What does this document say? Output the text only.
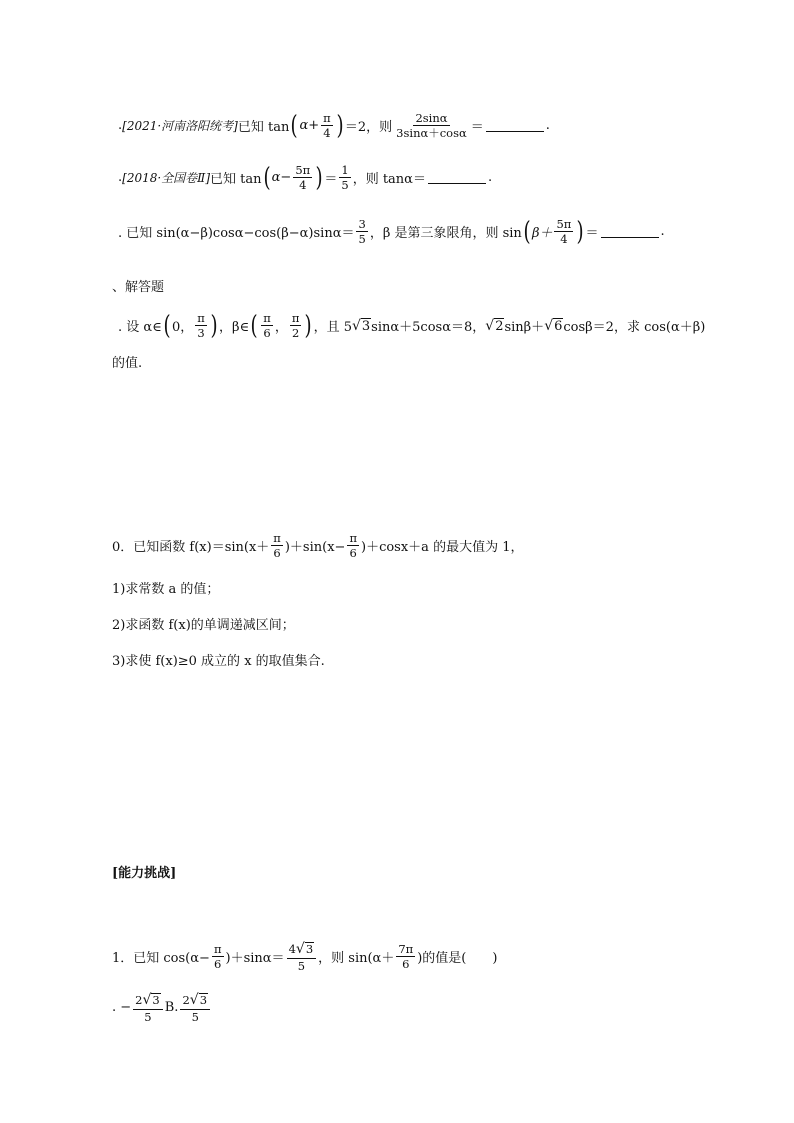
. [2021·河南洛阳统考] 已知 tan ( $\alpha+ \frac{\pi}{4}$ ) ＝2，则 $\frac{2\sin\alpha}{3\sin\alpha+\cos\alpha}$ ＝	.
. [2018·全国卷Ⅱ] 已知 tan ( $\alpha- \frac{5\pi}{4}$ ) ＝ $\frac{1}{5}$ ，则 tanα＝	.
. 已知 $\sin(\alpha-\beta)\cos\alpha-\cos(\beta-\alpha)\sin\alpha= \frac{3}{5}$ ，β 是第三象限角，则 sin ( $\beta+ \frac{5\pi}{4}$ ) ＝	.
、解答题
. 设 α∈ ( 0， $\frac{\pi}{3}$ ) ，β∈ ( $\frac{\pi}{6}$ ， $\frac{\pi}{2}$ ) ，且 5 √ 3 sinα＋5cosα＝8， √ 2 sinβ＋ √ 6 cosβ＝2，求 cos(α＋β)
的值.
0．已知函数 $f(x)=\sin(x+ \frac{\pi}{6} )+\sin(x- \frac{\pi}{6} )+\cos x+a$ 的最大值为 1，
1)求常数 a 的值；
2)求函数 f(x)的单调递减区间；
3)求使 f(x)≥0 成立的 x 的取值集合.
[能力挑战]
1．已知 $\cos(\alpha- \frac{\pi}{6} )+\sin\alpha= \frac{4 √ 3}{5}$ ，则 $\sin(\alpha+ \frac{7\pi}{6}$ )的值是(　　)
. − $\frac{2 √ 3}{5} B$. $\frac{2 √ 3}{5}$
